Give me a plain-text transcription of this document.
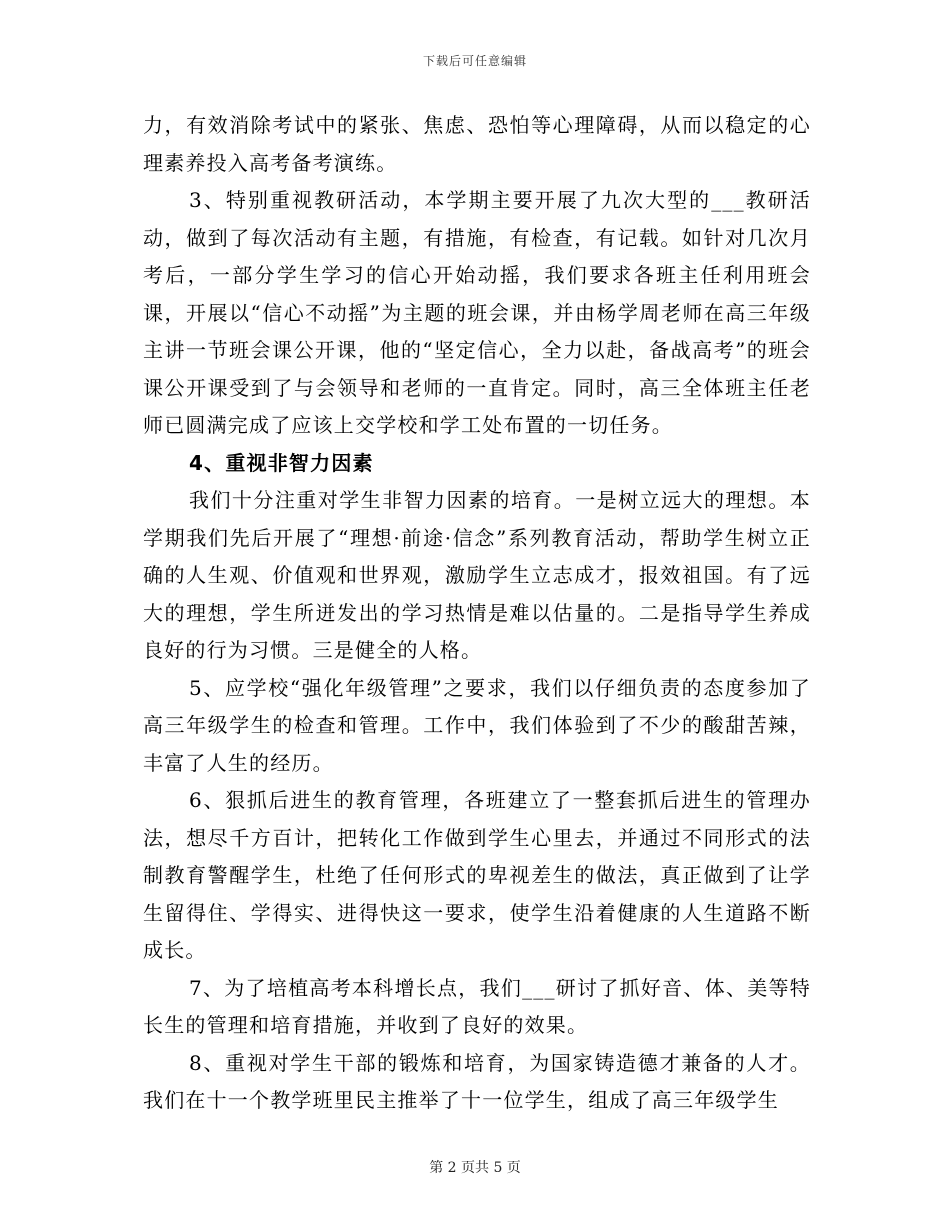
下载后可任意编辑

力，有效消除考试中的紧张、焦虑、恐怕等心理障碍，从而以稳定的心理素养投入高考备考演练。

3、特别重视教研活动，本学期主要开展了九次大型的___教研活动，做到了每次活动有主题，有措施，有检查，有记载。如针对几次月考后，一部分学生学习的信心开始动摇，我们要求各班主任利用班会课，开展以“信心不动摇”为主题的班会课，并由杨学周老师在高三年级主讲一节班会课公开课，他的“坚定信心，全力以赴，备战高考”的班会课公开课受到了与会领导和老师的一直肯定。同时，高三全体班主任老师已圆满完成了应该上交学校和学工处布置的一切任务。

4、重视非智力因素

我们十分注重对学生非智力因素的培育。一是树立远大的理想。本学期我们先后开展了“理想·前途·信念”系列教育活动，帮助学生树立正确的人生观、价值观和世界观，激励学生立志成才，报效祖国。有了远大的理想，学生所迸发出的学习热情是难以估量的。二是指导学生养成良好的行为习惯。三是健全的人格。

5、应学校“强化年级管理”之要求，我们以仔细负责的态度参加了高三年级学生的检查和管理。工作中，我们体验到了不少的酸甜苦辣，丰富了人生的经历。

6、狠抓后进生的教育管理，各班建立了一整套抓后进生的管理办法，想尽千方百计，把转化工作做到学生心里去，并通过不同形式的法制教育警醒学生，杜绝了任何形式的卑视差生的做法，真正做到了让学生留得住、学得实、进得快这一要求，使学生沿着健康的人生道路不断成长。

7、为了培植高考本科增长点，我们___研讨了抓好音、体、美等特长生的管理和培育措施，并收到了良好的效果。

8、重视对学生干部的锻炼和培育，为国家铸造德才兼备的人才。我们在十一个教学班里民主推举了十一位学生，组成了高三年级学生

第 2 页共 5 页
